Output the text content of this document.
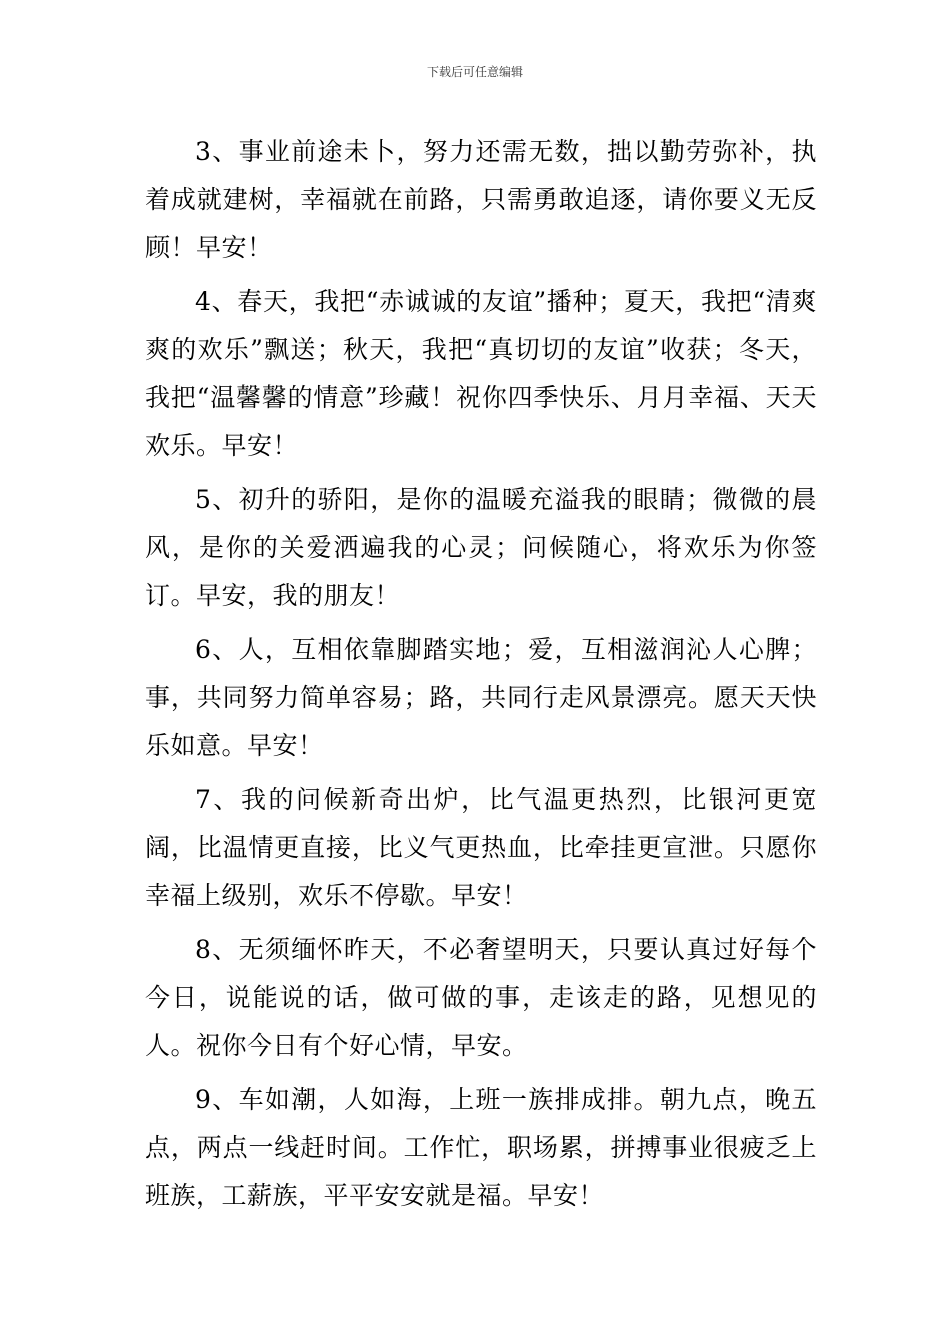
下载后可任意编辑

3、事业前途未卜，努力还需无数，拙以勤劳弥补，执着成就建树，幸福就在前路，只需勇敢追逐，请你要义无反顾！早安！

4、春天，我把“赤诚诚的友谊”播种；夏天，我把“清爽爽的欢乐”飘送；秋天，我把“真切切的友谊”收获；冬天，我把“温馨馨的情意”珍藏！祝你四季快乐、月月幸福、天天欢乐。早安！

5、初升的骄阳，是你的温暖充溢我的眼睛；微微的晨风，是你的关爱洒遍我的心灵；问候随心，将欢乐为你签订。早安，我的朋友！

6、人，互相依靠脚踏实地；爱，互相滋润沁人心脾；事，共同努力简单容易；路，共同行走风景漂亮。愿天天快乐如意。早安！

7、我的问候新奇出炉，比气温更热烈，比银河更宽阔，比温情更直接，比义气更热血，比牵挂更宣泄。只愿你幸福上级别，欢乐不停歇。早安！

8、无须缅怀昨天，不必奢望明天，只要认真过好每个今日，说能说的话，做可做的事，走该走的路，见想见的人。祝你今日有个好心情，早安。

9、车如潮，人如海，上班一族排成排。朝九点，晚五点，两点一线赶时间。工作忙，职场累，拼搏事业很疲乏上班族，工薪族，平平安安就是福。早安！
